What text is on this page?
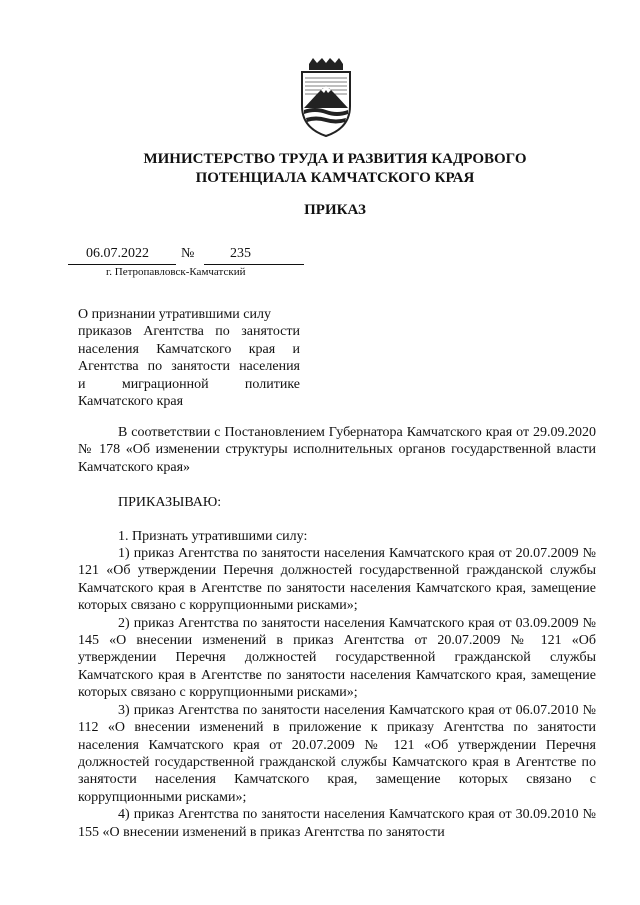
МИНИСТЕРСТВО ТРУДА И РАЗВИТИЯ КАДРОВОГО
ПОТЕНЦИАЛА КАМЧАТСКОГО КРАЯ
ПРИКАЗ
06.07.2022 №	235
г. Петропавловск-Камчатский
О признании утратившими силу
приказов Агентства по занятости
населения Камчатского края и
Агентства по занятости населения
и миграционной политике
Камчатского края

В соответствии с Постановлением Губернатора Камчатского края от 29.09.2020 № 178 «Об изменении структуры исполнительных органов государственной власти Камчатского края»

ПРИКАЗЫВАЮ:

1. Признать утратившими силу:

1) приказ Агентства по занятости населения Камчатского края от 20.07.2009 № 121 «Об утверждении Перечня должностей государственной гражданской службы Камчатского края в Агентстве по занятости населения Камчатского края, замещение которых связано с коррупционными рисками»;

2) приказ Агентства по занятости населения Камчатского края от 03.09.2009 № 145 «О внесении изменений в приказ Агентства от 20.07.2009 № 121 «Об утверждении Перечня должностей государственной гражданской службы Камчатского края в Агентстве по занятости населения Камчатского края, замещение которых связано с коррупционными рисками»;

3) приказ Агентства по занятости населения Камчатского края от 06.07.2010 № 112 «О внесении изменений в приложение к приказу Агентства по занятости населения Камчатского края от 20.07.2009 № 121 «Об утверждении Перечня должностей государственной гражданской службы Камчатского края в Агентстве по занятости населения Камчатского края, замещение которых связано с коррупционными рисками»;

4) приказ Агентства по занятости населения Камчатского края от 30.09.2010 № 155 «О внесении изменений в приказ Агентства по занятости
